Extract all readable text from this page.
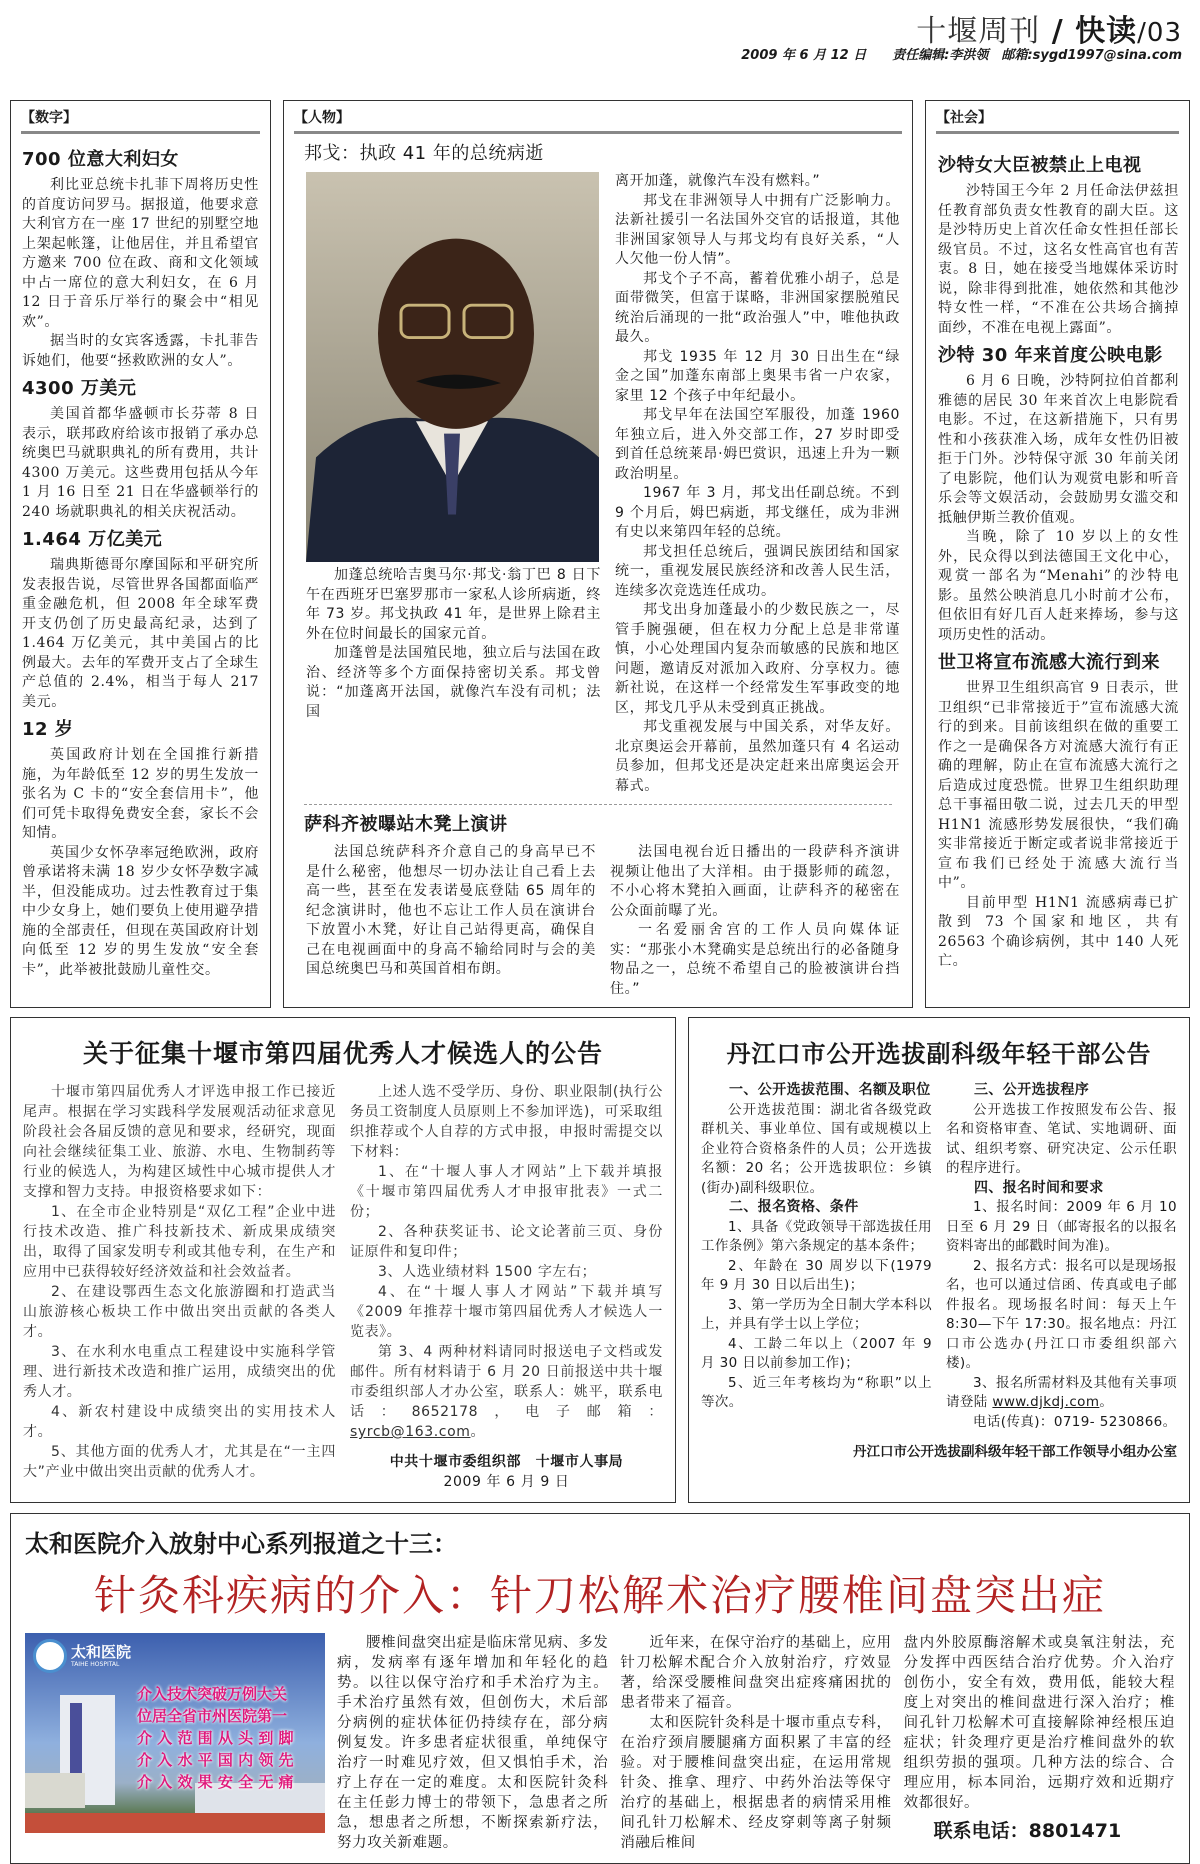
十堰周刊 / 快读/03
2009 年 6 月 12 日　　 责任编辑:李洪领　 邮箱:sygd1997@sina.com
【数字】
700 位意大利妇女

利比亚总统卡扎菲下周将历史性的首度访问罗马。据报道，他要求意大利官方在一座 17 世纪的别墅空地上架起帐篷，让他居住，并且希望官方邀来 700 位在政、商和文化领域中占一席位的意大利妇女，在 6 月 12 日于音乐厅举行的聚会中“相见欢”。

据当时的女宾客透露，卡扎菲告诉她们，他要“拯救欧洲的女人”。

4300 万美元

美国首都华盛顿市长芬蒂 8 日表示，联邦政府给该市报销了承办总统奥巴马就职典礼的所有费用，共计 4300 万美元。这些费用包括从今年 1 月 16 日至 21 日在华盛顿举行的 240 场就职典礼的相关庆祝活动。

1.464 万亿美元

瑞典斯德哥尔摩国际和平研究所发表报告说，尽管世界各国都面临严重金融危机，但 2008 年全球军费开支仍创了历史最高纪录，达到了 1.464 万亿美元，其中美国占的比例最大。去年的军费开支占了全球生产总值的 2.4%，相当于每人 217 美元。

12 岁

英国政府计划在全国推行新措施，为年龄低至 12 岁的男生发放一张名为 C 卡的“安全套信用卡”，他们可凭卡取得免费安全套，家长不会知情。

英国少女怀孕率冠绝欧洲，政府曾承诺将未满 18 岁少女怀孕数字减半，但没能成功。过去性教育过于集中少女身上，她们要负上使用避孕措施的全部责任，但现在英国政府计划向低至 12 岁的男生发放“安全套卡”，此举被批鼓励儿童性交。

【人物】
邦戈：执政 41 年的总统病逝

加蓬总统哈吉奥马尔·邦戈·翁丁巴 8 日下午在西班牙巴塞罗那市一家私人诊所病逝，终年 73 岁。邦戈执政 41 年，是世界上除君主外在位时间最长的国家元首。

加蓬曾是法国殖民地，独立后与法国在政治、经济等多个方面保持密切关系。邦戈曾说：“加蓬离开法国，就像汽车没有司机；法国

离开加蓬，就像汽车没有燃料。”

邦戈在非洲领导人中拥有广泛影响力。法新社援引一名法国外交官的话报道，其他非洲国家领导人与邦戈均有良好关系，“人人欠他一份人情”。

邦戈个子不高，蓄着优雅小胡子，总是面带微笑，但富于谋略，非洲国家摆脱殖民统治后涌现的一批“政治强人”中，唯他执政最久。

邦戈 1935 年 12 月 30 日出生在“绿金之国”加蓬东南部上奥果韦省一户农家，家里 12 个孩子中年纪最小。

邦戈早年在法国空军服役，加蓬 1960 年独立后，进入外交部工作，27 岁时即受到首任总统莱昂·姆巴赏识，迅速上升为一颗政治明星。

1967 年 3 月，邦戈出任副总统。不到 9 个月后，姆巴病逝，邦戈继任，成为非洲有史以来第四年轻的总统。

邦戈担任总统后，强调民族团结和国家统一，重视发展民族经济和改善人民生活，连续多次竞选连任成功。

邦戈出身加蓬最小的少数民族之一，尽管手腕强硬，但在权力分配上总是非常谨慎，小心处理国内复杂而敏感的民族和地区问题，邀请反对派加入政府、分享权力。德新社说，在这样一个经常发生军事政变的地区，邦戈几乎从未受到真正挑战。

邦戈重视发展与中国关系，对华友好。北京奥运会开幕前，虽然加蓬只有 4 名运动员参加，但邦戈还是决定赶来出席奥运会开幕式。

萨科齐被曝站木凳上演讲

法国总统萨科齐介意自己的身高早已不是什么秘密，他想尽一切办法让自己看上去高一些，甚至在发表诺曼底登陆 65 周年的纪念演讲时，他也不忘让工作人员在演讲台下放置小木凳，好让自己站得更高，确保自己在电视画面中的身高不输给同时与会的美国总统奥巴马和英国首相布朗。

法国电视台近日播出的一段萨科齐演讲视频让他出了大洋相。由于摄影师的疏忽，不小心将木凳拍入画面，让萨科齐的秘密在公众面前曝了光。

一名爱丽舍宫的工作人员向媒体证实：“那张小木凳确实是总统出行的必备随身物品之一，总统不希望自己的脸被演讲台挡住。”

【社会】
沙特女大臣被禁止上电视

沙特国王今年 2 月任命法伊兹担任教育部负责女性教育的副大臣。这是沙特历史上首次任命女性担任部长级官员。不过，这名女性高官也有苦衷。8 日，她在接受当地媒体采访时说，除非得到批准，她依然和其他沙特女性一样，“不准在公共场合摘掉面纱，不准在电视上露面”。

沙特 30 年来首度公映电影

6 月 6 日晚，沙特阿拉伯首都利雅德的居民 30 年来首次上电影院看电影。不过，在这新措施下，只有男性和小孩获准入场，成年女性仍旧被拒于门外。沙特保守派 30 年前关闭了电影院，他们认为观赏电影和听音乐会等文娱活动，会鼓励男女滥交和抵触伊斯兰教价值观。

当晚，除了 10 岁以上的女性外，民众得以到法德国王文化中心，观赏一部名为“Menahi”的沙特电影。虽然公映消息几小时前才公布，但依旧有好几百人赶来捧场，参与这项历史性的活动。

世卫将宣布流感大流行到来

世界卫生组织高官 9 日表示，世卫组织“已非常接近于”宣布流感大流行的到来。目前该组织在做的重要工作之一是确保各方对流感大流行有正确的理解，防止在宣布流感大流行之后造成过度恐慌。世界卫生组织助理总干事福田敬二说，过去几天的甲型 H1N1 流感形势发展很快，“我们确实非常接近于断定或者说非常接近于宣布我们已经处于流感大流行当中”。

目前甲型 H1N1 流感病毒已扩散到 73 个国家和地区，共有 26563 个确诊病例，其中 140 人死亡。

关于征集十堰市第四届优秀人才候选人的公告

十堰市第四届优秀人才评选申报工作已接近尾声。根据在学习实践科学发展观活动征求意见阶段社会各届反馈的意见和要求，经研究，现面向社会继续征集工业、旅游、水电、生物制药等行业的候选人，为构建区域性中心城市提供人才支撑和智力支持。申报资格要求如下：

1、在全市企业特别是“双亿工程”企业中进行技术改造、推广科技新技术、新成果成绩突出，取得了国家发明专利或其他专利，在生产和应用中已获得较好经济效益和社会效益者。

2、在建设鄂西生态文化旅游圈和打造武当山旅游核心板块工作中做出突出贡献的各类人才。

3、在水利水电重点工程建设中实施科学管理、进行新技术改造和推广运用，成绩突出的优秀人才。

4、新农村建设中成绩突出的实用技术人才。

5、其他方面的优秀人才，尤其是在“一主四大”产业中做出突出贡献的优秀人才。

上述人选不受学历、身份、职业限制(执行公务员工资制度人员原则上不参加评选)，可采取组织推荐或个人自荐的方式申报，申报时需提交以下材料：

1、在“十堰人事人才网站”上下载并填报《十堰市第四届优秀人才申报审批表》一式二份；

2、各种获奖证书、论文论著前三页、身份证原件和复印件；

3、人选业绩材料 1500 字左右；

4、在“十堰人事人才网站”下载并填写《2009 年推荐十堰市第四届优秀人才候选人一览表》。

第 3、4 两种材料请同时报送电子文档或发邮件。所有材料请于 6 月 20 日前报送中共十堰市委组织部人才办公室，联系人：姚平，联系电话：8652178，电子邮箱：syrcb@163.com。

中共十堰市委组织部　十堰市人事局
2009 年 6 月 9 日
丹江口市公开选拔副科级年轻干部公告
一、公开选拔范围、名额及职位

公开选拔范围：湖北省各级党政群机关、事业单位、国有或规模以上企业符合资格条件的人员；公开选拔名额：20 名；公开选拔职位：乡镇(街办)副科级职位。

二、报名资格、条件

1、具备《党政领导干部选拔任用工作条例》第六条规定的基本条件；

2、年龄在 30 周岁以下(1979 年 9 月 30 日以后出生)；

3、第一学历为全日制大学本科以上，并具有学士以上学位；

4、工龄二年以上（2007 年 9 月 30 日以前参加工作)；

5、近三年考核均为“称职”以上等次。

三、公开选拔程序

公开选拔工作按照发布公告、报名和资格审查、笔试、实地调研、面试、组织考察、研究决定、公示任职的程序进行。

四、报名时间和要求

1、报名时间：2009 年 6 月 10 日至 6 月 29 日（邮寄报名的以报名资料寄出的邮戳时间为准)。

2、报名方式：报名可以是现场报名，也可以通过信函、传真或电子邮件报名。现场报名时间：每天上午 8:30—下午 17:30。报名地点：丹江口市公选办(丹江口市委组织部六楼)。

3、报名所需材料及其他有关事项请登陆 www.djkdj.com。

电话(传真)：0719- 5230866。

丹江口市公开选拔副科级年轻干部工作领导小组办公室
太和医院介入放射中心系列报道之十三：
针灸科疾病的介入：针刀松解术治疗腰椎间盘突出症
太和医院
TAIHE HOSPITAL
介入技术突破万例大关
位居全省市州医院第一
介 入 范 围 从 头 到 脚
介 入 水 平 国 内 领 先
介 入 效 果 安 全 无 痛

腰椎间盘突出症是临床常见病、多发病，发病率有逐年增加和年轻化的趋势。以往以保守治疗和手术治疗为主。手术治疗虽然有效，但创伤大，术后部分病例的症状体征仍持续存在，部分病例复发。许多患者症状很重，单纯保守治疗一时难见疗效，但又惧怕手术，治疗上存在一定的难度。太和医院针灸科在主任彭力博士的带领下，急患者之所急，想患者之所想，不断探索新疗法，努力攻关新难题。

近年来，在保守治疗的基础上，应用针刀松解术配合介入放射治疗，疗效显著，给深受腰椎间盘突出症疼痛困扰的患者带来了福音。

太和医院针灸科是十堰市重点专科，在治疗颈肩腰腿痛方面积累了丰富的经验。对于腰椎间盘突出症，在运用常规针灸、推拿、理疗、中药外治法等保守治疗的基础上，根据患者的病情采用椎间孔针刀松解术、经皮穿刺等离子射频消融后椎间

盘内外胶原酶溶解术或臭氧注射法，充分发挥中西医结合治疗优势。介入治疗创伤小，安全有效，费用低，能较大程度上对突出的椎间盘进行深入治疗；椎间孔针刀松解术可直接解除神经根压迫症状；针灸理疗更是治疗椎间盘外的软组织劳损的强项。几种方法的综合、合理应用，标本同治，远期疗效和近期疗效都很好。

联系电话：8801471
